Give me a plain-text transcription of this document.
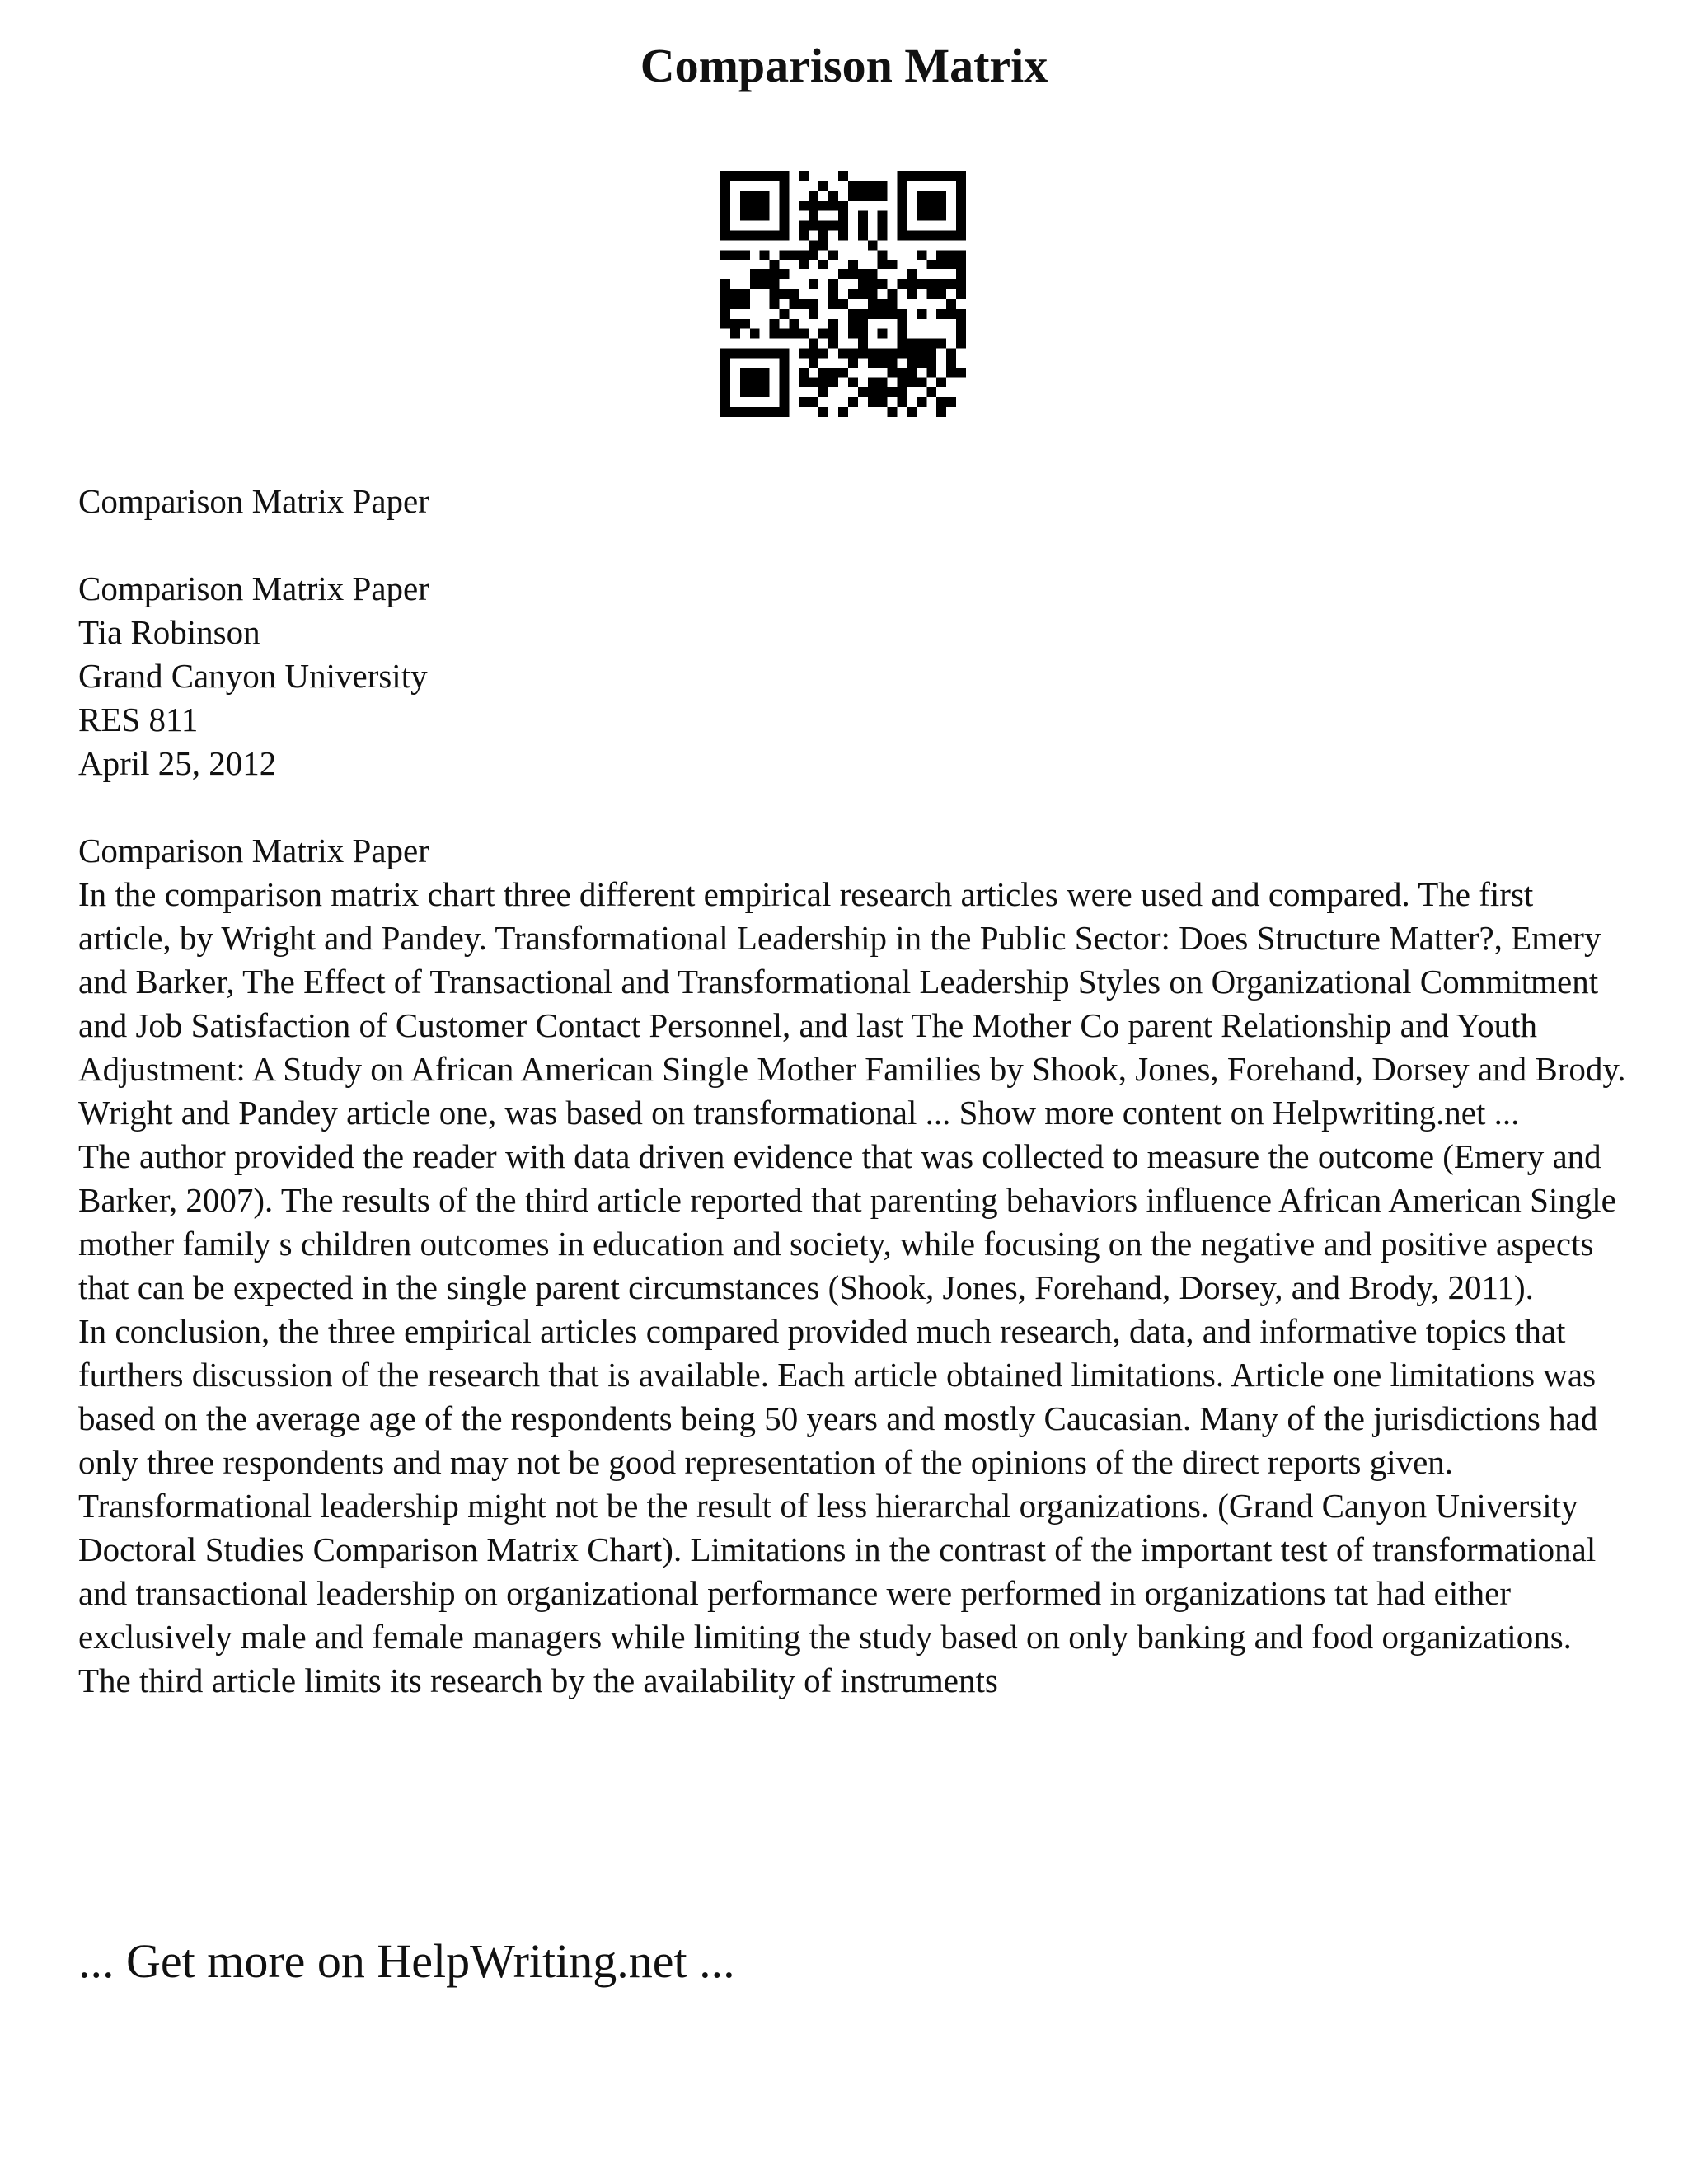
Comparison Matrix

Comparison Matrix Paper

Comparison Matrix Paper

Tia Robinson

Grand Canyon University

RES 811

April 25, 2012

Comparison Matrix Paper

In the comparison matrix chart three different empirical research articles were used and compared. The first article, by Wright and Pandey. Transformational Leadership in the Public Sector: Does Structure Matter?, Emery and Barker, The Effect of Transactional and Transformational Leadership Styles on Organizational Commitment and Job Satisfaction of Customer Contact Personnel, and last The Mother Co parent Relationship and Youth Adjustment: A Study on African American Single Mother Families by Shook, Jones, Forehand, Dorsey and Brody.

Wright and Pandey article one, was based on transformational ... Show more content on Helpwriting.net ...

The author provided the reader with data driven evidence that was collected to measure the outcome (Emery and Barker, 2007). The results of the third article reported that parenting behaviors influence African American Single mother family s children outcomes in education and society, while focusing on the negative and positive aspects that can be expected in the single parent circumstances (Shook, Jones, Forehand, Dorsey, and Brody, 2011).

In conclusion, the three empirical articles compared provided much research, data, and informative topics that furthers discussion of the research that is available. Each article obtained limitations. Article one limitations was based on the average age of the respondents being 50 years and mostly Caucasian. Many of the jurisdictions had only three respondents and may not be good representation of the opinions of the direct reports given. Transformational leadership might not be the result of less hierarchal organizations. (Grand Canyon University Doctoral Studies Comparison Matrix Chart). Limitations in the contrast of the important test of transformational and transactional leadership on organizational performance were performed in organizations tat had either exclusively male and female managers while limiting the study based on only banking and food organizations. The third article limits its research by the availability of instruments

... Get more on HelpWriting.net ...
